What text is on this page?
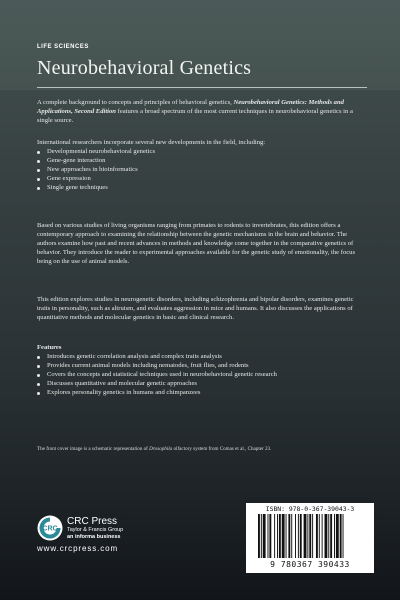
LIFE SCIENCES
Neurobehavioral Genetics

A complete background to concepts and principles of behavioral genetics, Neurobehavioral Genetics: Methods and Applications, Second Edition features a broad spectrum of the most current techniques in neurobehavioral genetics in a single source.

International researchers incorporate several new developments in the field, including:

Developmental neurobehavioral genetics
Gene-gene interaction
New approaches in bioinformatics
Gene expression
Single gene techniques

Based on various studies of living organisms ranging from primates to rodents to invertebrates, this edition offers a contemporary approach to examining the relationship between the genetic mechanisms in the brain and behavior. The authors examine how past and recent advances in methods and knowledge come together in the comparative genetics of behavior. They introduce the reader to experimental approaches available for the genetic study of emotionality, the focus being on the use of animal models.

This edition explores studies in neurogenetic disorders, including schizophrenia and bipolar disorders, examines genetic traits in personality, such as altruism, and evaluates aggression in mice and humans. It also discusses the applications of quantitative methods and molecular genetics in basic and clinical research.

Features

Introduces genetic correlation analysis and complex traits analysis
Provides current animal models including nematodes, fruit flies, and rodents
Covers the concepts and statistical techniques used in neurobehavioral genetic research
Discusses quantitative and molecular genetic approaches
Explores personality genetics in humans and chimpanzees

The front cover image is a schematic representation of Drosophila olfactory system from Comas et al., Chapter 23.

CRC
CRC Press
Taylor & Francis Group
an informa business
www.crcpress.com
ISBN: 978-0-367-39043-3
9 780367 390433
